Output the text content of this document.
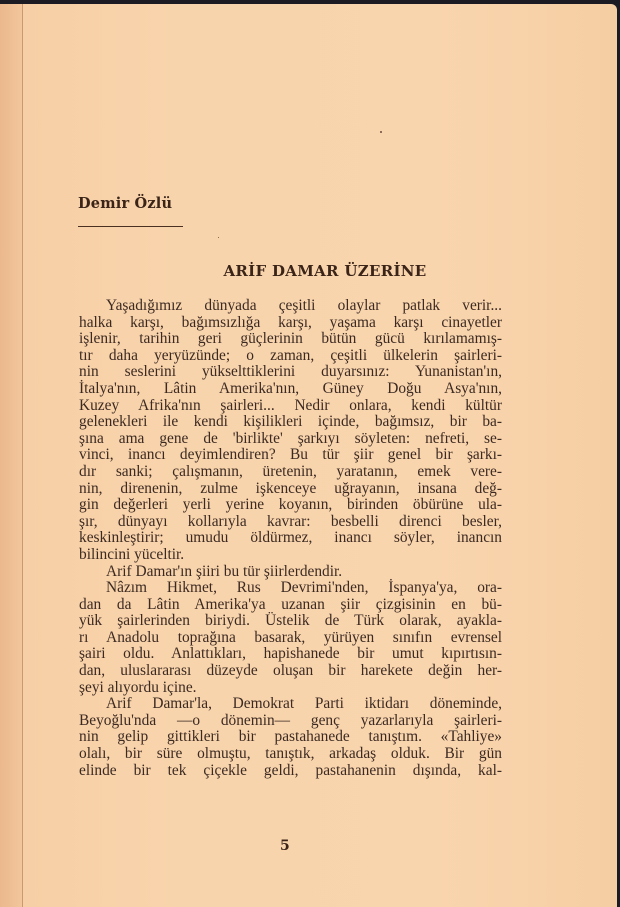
Demir Özlü
ARİF DAMAR ÜZERİNE
Yaşadığımız dünyada çeşitli olaylar patlak verir...
halka karşı, bağımsızlığa karşı, yaşama karşı cinayetler
işlenir, tarihin geri güçlerinin bütün gücü kırılamamış-
tır daha yeryüzünde; o zaman, çeşitli ülkelerin şairleri-
nin seslerini yükselttiklerini duyarsınız: Yunanistan'ın,
İtalya'nın, Lâtin Amerika'nın, Güney Doğu Asya'nın,
Kuzey Afrika'nın şairleri... Nedir onlara, kendi kültür
gelenekleri ile kendi kişilikleri içinde, bağımsız, bir ba-
şına ama gene de 'birlikte' şarkıyı söyleten: nefreti, se-
vinci, inancı deyimlendiren? Bu tür şiir genel bir şarkı-
dır sanki; çalışmanın, üretenin, yaratanın, emek vere-
nin, direnenin, zulme işkenceye uğrayanın, insana değ-
gin değerleri yerli yerine koyanın, birinden öbürüne ula-
şır, dünyayı kollarıyla kavrar: besbelli direnci besler,
keskinleştirir; umudu öldürmez, inancı söyler, inancın
bilincini yüceltir.
Arif Damar'ın şiiri bu tür şiirlerdendir.
Nâzım Hikmet, Rus Devrimi'nden, İspanya'ya, ora-
dan da Lâtin Amerika'ya uzanan şiir çizgisinin en bü-
yük şairlerinden biriydi. Üstelik de Türk olarak, ayakla-
rı Anadolu toprağına basarak, yürüyen sınıfın evrensel
şairi oldu. Anlattıkları, hapishanede bir umut kıpırtısın-
dan, uluslararası düzeyde oluşan bir harekete değin her-
şeyi alıyordu içine.
Arif Damar'la, Demokrat Parti iktidarı döneminde,
Beyoğlu'nda —o dönemin— genç yazarlarıyla şairleri-
nin gelip gittikleri bir pastahanede tanıştım. «Tahliye»
olalı, bir süre olmuştu, tanıştık, arkadaş olduk. Bir gün
elinde bir tek çiçekle geldi, pastahanenin dışında, kal-
5
